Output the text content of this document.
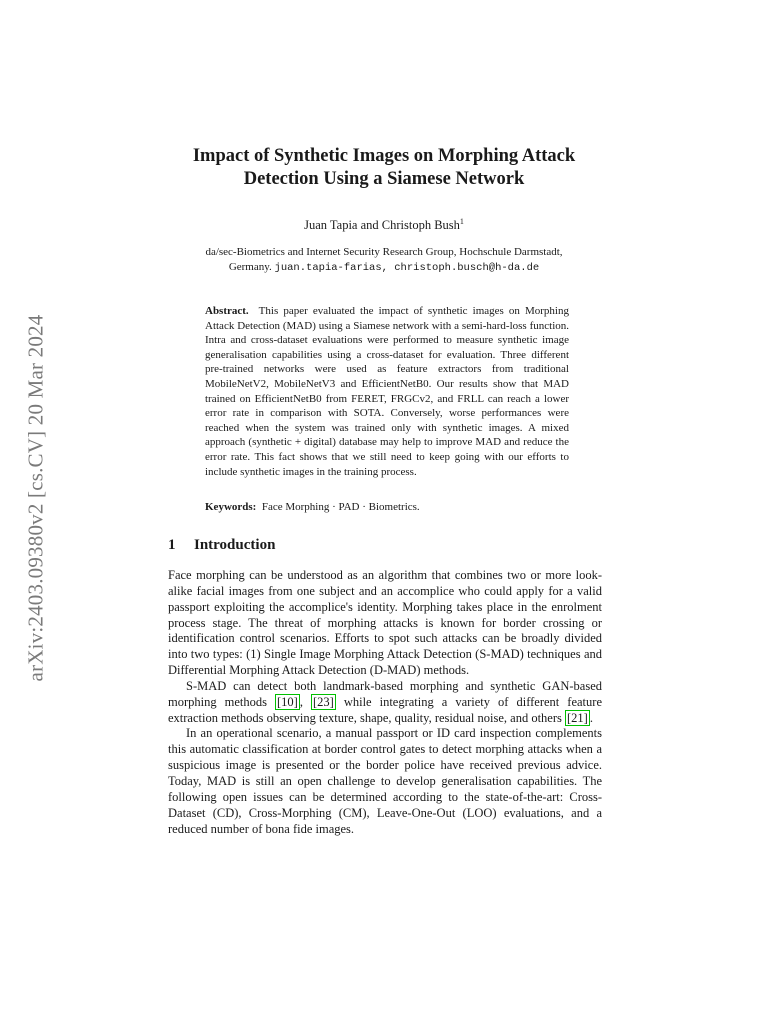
arXiv:2403.09380v2 [cs.CV] 20 Mar 2024
Impact of Synthetic Images on Morphing Attack
Detection Using a Siamese Network
Juan Tapia and Christoph Bush$^1$
da/sec-Biometrics and Internet Security Research Group, Hochschule Darmstadt,
Germany. juan.tapia-farias, christoph.busch@h-da.de
Abstract. This paper evaluated the impact of synthetic images on Morphing Attack Detection (MAD) using a Siamese network with a semi-hard-loss function. Intra and cross-dataset evaluations were performed to measure synthetic image generalisation capabilities using a cross-dataset for evaluation. Three different pre-trained networks were used as feature extractors from traditional MobileNetV2, MobileNetV3 and EfficientNetB0. Our results show that MAD trained on EfficientNetB0 from FERET, FRGCv2, and FRLL can reach a lower error rate in comparison with SOTA. Conversely, worse performances were reached when the system was trained only with synthetic images. A mixed approach (synthetic + digital) database may help to improve MAD and reduce the error rate. This fact shows that we still need to keep going with our efforts to include synthetic images in the training process.
Keywords: Face Morphing · PAD · Biometrics.
1 Introduction

Face morphing can be understood as an algorithm that combines two or more look-alike facial images from one subject and an accomplice who could apply for a valid passport exploiting the accomplice's identity. Morphing takes place in the enrolment process stage. The threat of morphing attacks is known for border crossing or identification control scenarios. Efforts to spot such attacks can be broadly divided into two types: (1) Single Image Morphing Attack Detection (S-MAD) techniques and Differential Morphing Attack Detection (D-MAD) methods.

S-MAD can detect both landmark-based morphing and synthetic GAN-based morphing methods [10] , [23] while integrating a variety of different feature extraction methods observing texture, shape, quality, residual noise, and others [21] .

In an operational scenario, a manual passport or ID card inspection complements this automatic classification at border control gates to detect morphing attacks when a suspicious image is presented or the border police have received previous advice. Today, MAD is still an open challenge to develop generalisation capabilities. The following open issues can be determined according to the state-of-the-art: Cross-Dataset (CD), Cross-Morphing (CM), Leave-One-Out (LOO) evaluations, and a reduced number of bona fide images.
